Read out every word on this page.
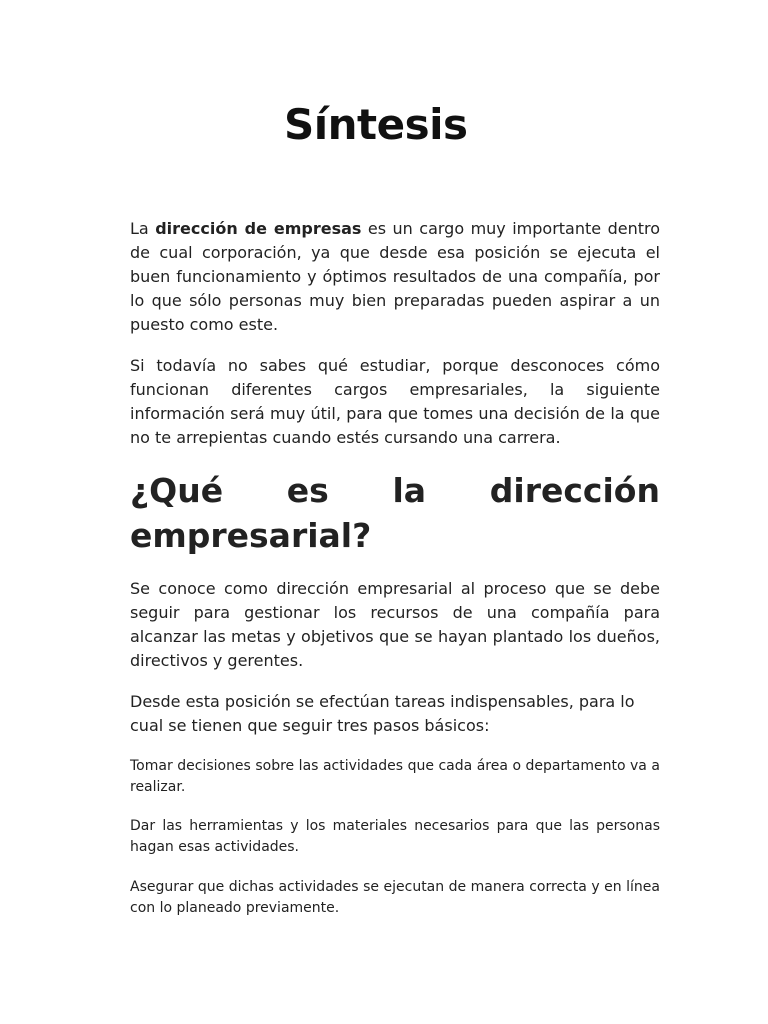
Síntesis

La dirección de empresas es un cargo muy importante dentro de cual corporación, ya que desde esa posición se ejecuta el buen funcionamiento y óptimos resultados de una compañía, por lo que sólo personas muy bien preparadas pueden aspirar a un puesto como este.

Si todavía no sabes qué estudiar, porque desconoces cómo funcionan diferentes cargos empresariales, la siguiente información será muy útil, para que tomes una decisión de la que no te arrepientas cuando estés cursando una carrera.

¿Qué es la dirección
empresarial?

Se conoce como dirección empresarial al proceso que se debe seguir para gestionar los recursos de una compañía para alcanzar las metas y objetivos que se hayan plantado los dueños, directivos y gerentes.

Desde esta posición se efectúan tareas indispensables, para lo cual se tienen que seguir tres pasos básicos:

Tomar decisiones sobre las actividades que cada área o departamento va a realizar.

Dar las herramientas y los materiales necesarios para que las personas hagan esas actividades.

Asegurar que dichas actividades se ejecutan de manera correcta y en línea con lo planeado previamente.
